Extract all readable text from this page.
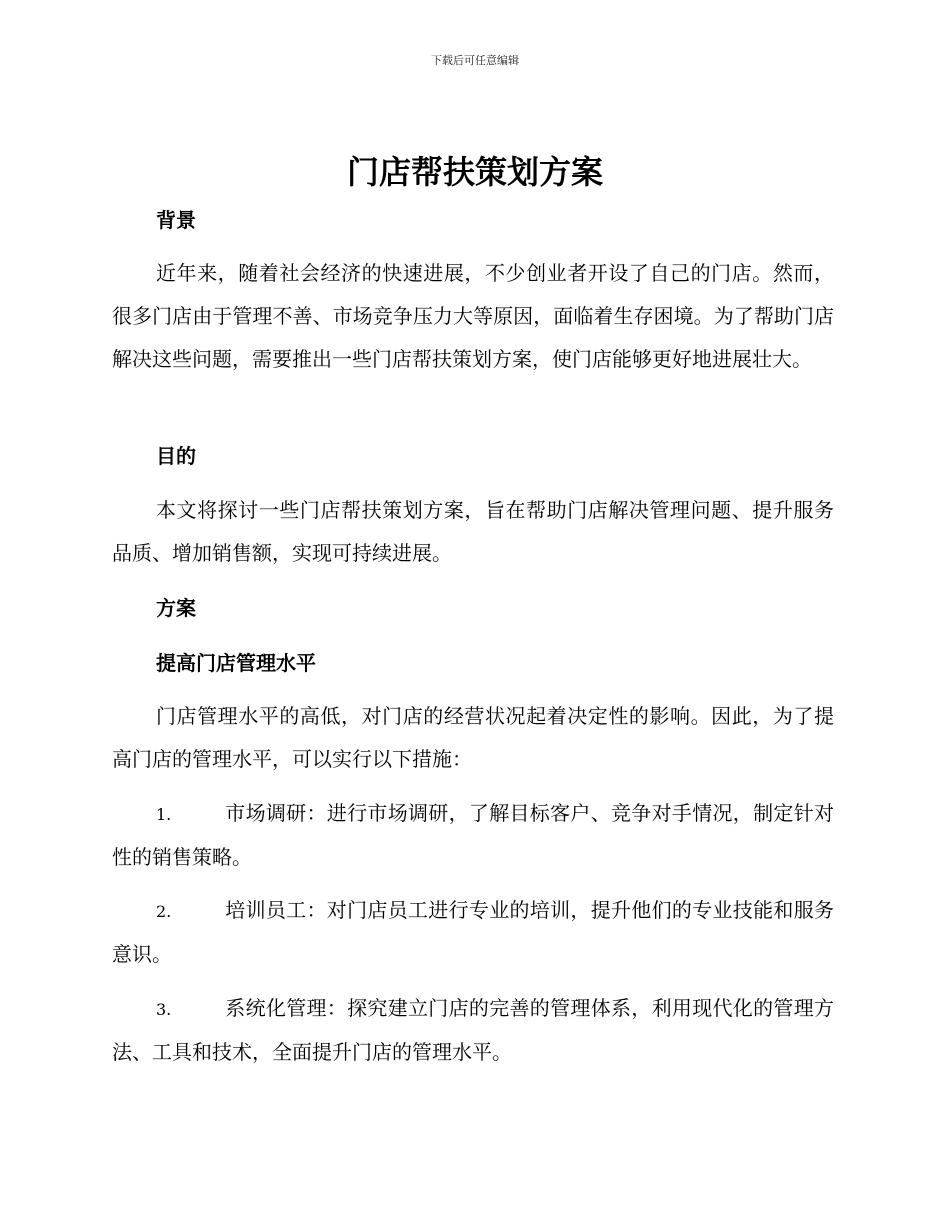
下载后可任意编辑
门店帮扶策划方案
背景
近年来，随着社会经济的快速进展，不少创业者开设了自己的门店。然而，很多门店由于管理不善、市场竞争压力大等原因，面临着生存困境。为了帮助门店解决这些问题，需要推出一些门店帮扶策划方案，使门店能够更好地进展壮大。
目的
本文将探讨一些门店帮扶策划方案，旨在帮助门店解决管理问题、提升服务品质、增加销售额，实现可持续进展。
方案
提高门店管理水平
门店管理水平的高低，对门店的经营状况起着决定性的影响。因此，为了提高门店的管理水平，可以实行以下措施：
1.	市场调研：进行市场调研，了解目标客户、竞争对手情况，制定针对性的销售策略。
2.	培训员工：对门店员工进行专业的培训，提升他们的专业技能和服务意识。
3.	系统化管理：探究建立门店的完善的管理体系，利用现代化的管理方法、工具和技术，全面提升门店的管理水平。
